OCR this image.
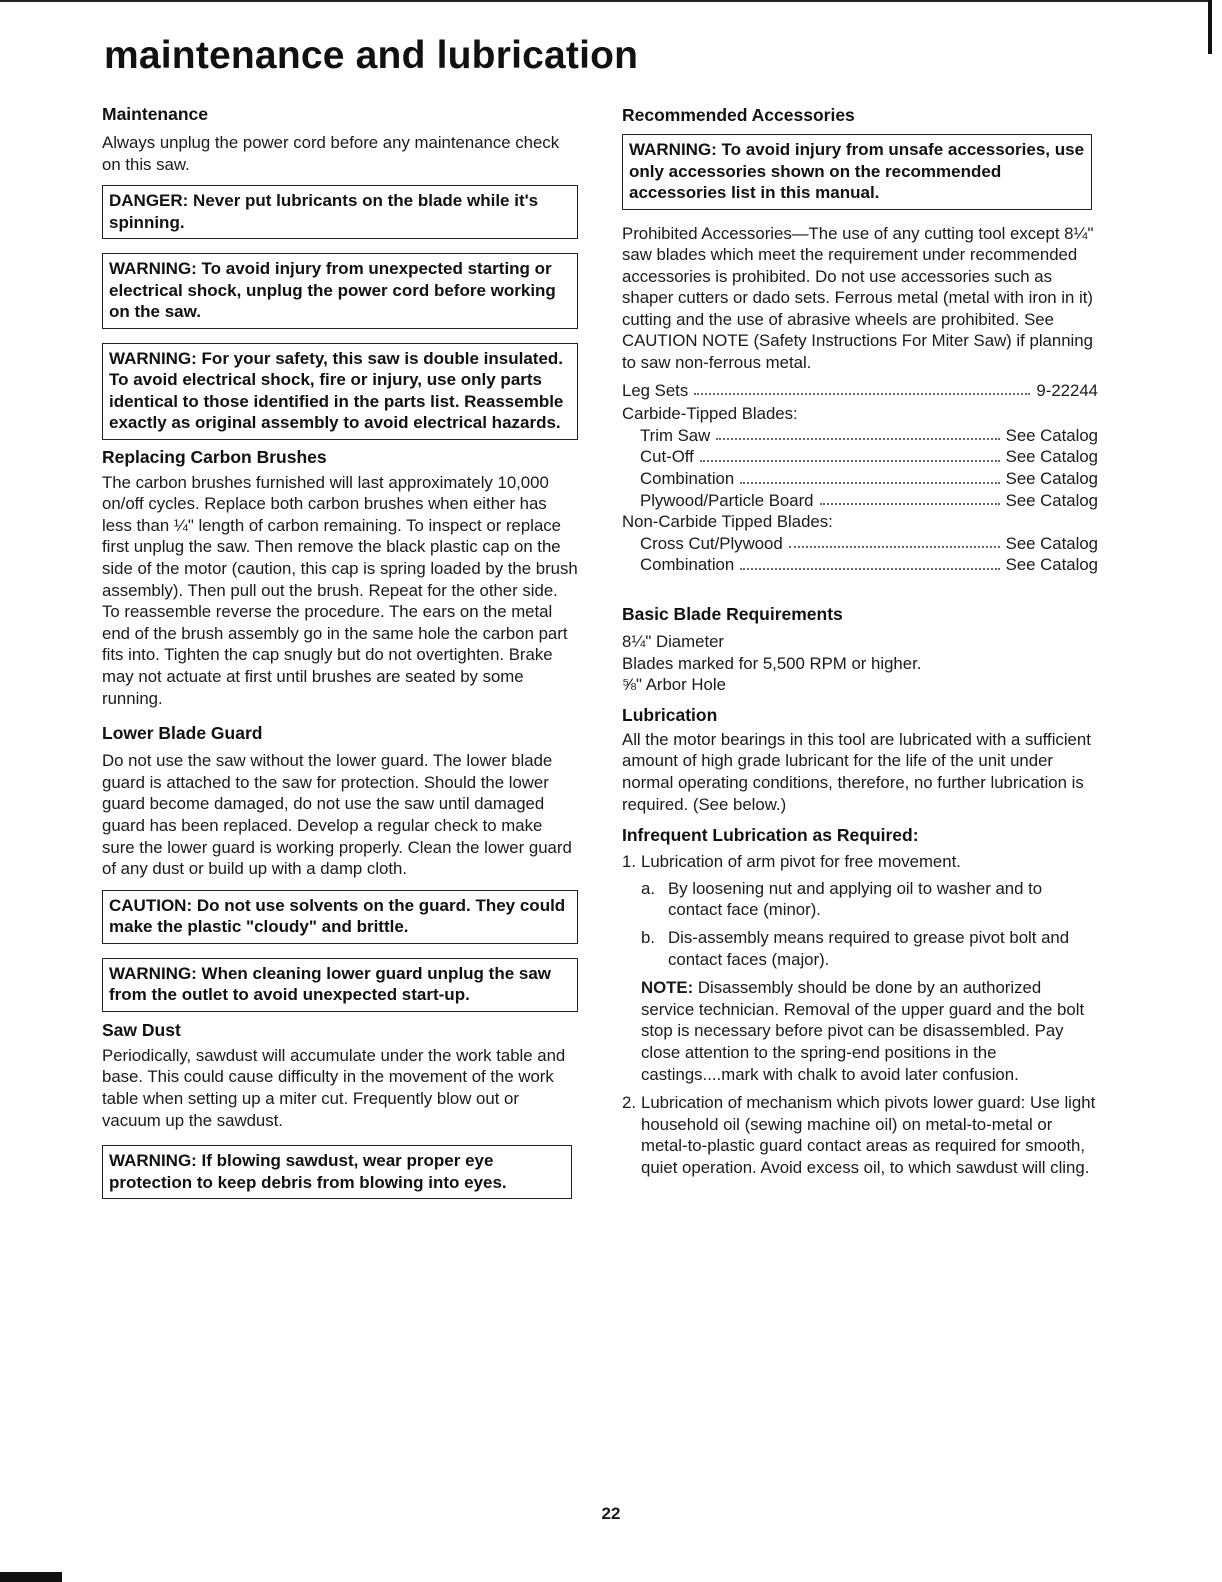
maintenance and lubrication
Maintenance

Always unplug the power cord before any maintenance check on this saw.

DANGER: Never put lubricants on the blade while it's spinning.
WARNING: To avoid injury from unexpected starting or electrical shock, unplug the power cord before working on the saw.
WARNING: For your safety, this saw is double insulated. To avoid electrical shock, fire or injury, use only parts identical to those identified in the parts list. Reassemble exactly as original assembly to avoid electrical hazards.
Replacing Carbon Brushes

The carbon brushes furnished will last approximately 10,000 on/off cycles. Replace both carbon brushes when either has less than ¼" length of carbon remaining. To inspect or replace first unplug the saw. Then remove the black plastic cap on the side of the motor (caution, this cap is spring loaded by the brush assembly). Then pull out the brush. Repeat for the other side. To reassemble reverse the procedure. The ears on the metal end of the brush assembly go in the same hole the carbon part fits into. Tighten the cap snugly but do not overtighten. Brake may not actuate at first until brushes are seated by some running.

Lower Blade Guard

Do not use the saw without the lower guard. The lower blade guard is attached to the saw for protection. Should the lower guard become damaged, do not use the saw until damaged guard has been replaced. Develop a regular check to make sure the lower guard is working properly. Clean the lower guard of any dust or build up with a damp cloth.

CAUTION: Do not use solvents on the guard. They could make the plastic "cloudy" and brittle.
WARNING: When cleaning lower guard unplug the saw from the outlet to avoid unexpected start-up.
Saw Dust

Periodically, sawdust will accumulate under the work table and base. This could cause difficulty in the movement of the work table when setting up a miter cut. Frequently blow out or vacuum up the sawdust.

WARNING: If blowing sawdust, wear proper eye protection to keep debris from blowing into eyes.
Recommended Accessories
WARNING: To avoid injury from unsafe accessories, use only accessories shown on the recommended accessories list in this manual.

Prohibited Accessories—The use of any cutting tool except 8¼" saw blades which meet the requirement under recommended accessories is prohibited. Do not use accessories such as shaper cutters or dado sets. Ferrous metal (metal with iron in it) cutting and the use of abrasive wheels are prohibited. See CAUTION NOTE (Safety Instructions For Miter Saw) if planning to saw non-ferrous metal.

Leg Sets	9-22244
Carbide-Tipped Blades:
Trim Saw	See Catalog
Cut-Off	See Catalog
Combination	See Catalog
Plywood/Particle Board	See Catalog
Non-Carbide Tipped Blades:
Cross Cut/Plywood	See Catalog
Combination	See Catalog
Basic Blade Requirements

8¼" Diameter

Blades marked for 5,500 RPM or higher.

⅝" Arbor Hole

Lubrication

All the motor bearings in this tool are lubricated with a sufficient amount of high grade lubricant for the life of the unit under normal operating conditions, therefore, no further lubrication is required. (See below.)

Infrequent Lubrication as Required:
1. Lubrication of arm pivot for free movement.
a. By loosening nut and applying oil to washer and to contact face (minor).
b. Dis-assembly means required to grease pivot bolt and contact faces (major).
NOTE: Disassembly should be done by an authorized service technician. Removal of the upper guard and the bolt stop is necessary before pivot can be disassembled. Pay close attention to the spring-end positions in the castings....mark with chalk to avoid later confusion.
2. Lubrication of mechanism which pivots lower guard: Use light household oil (sewing machine oil) on metal-to-metal or metal-to-plastic guard contact areas as required for smooth, quiet operation. Avoid excess oil, to which sawdust will cling.
22
